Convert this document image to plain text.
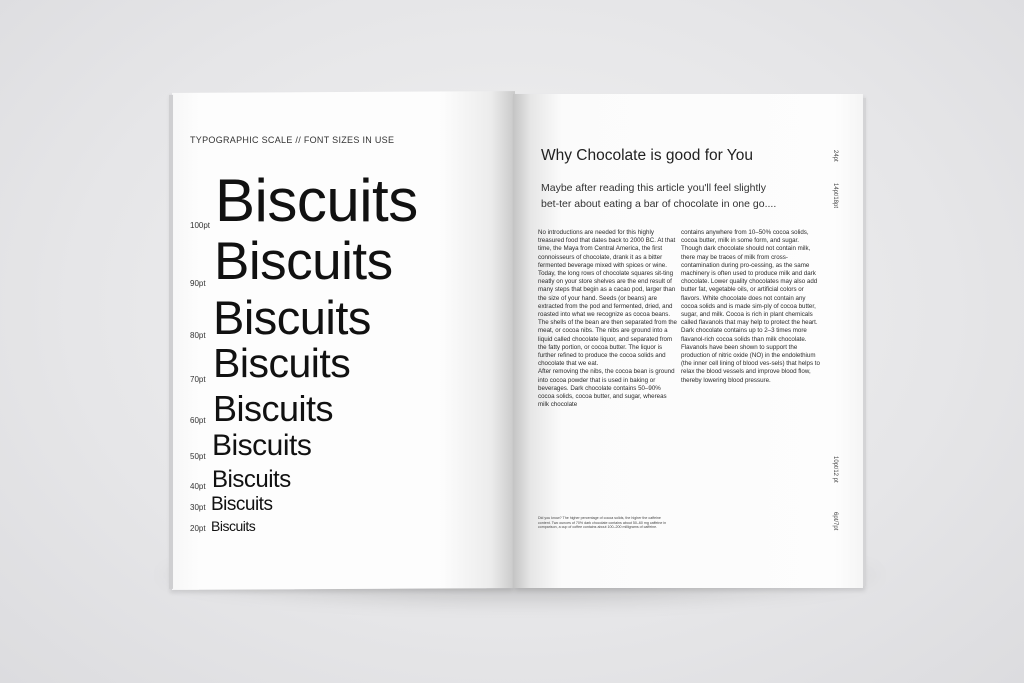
TYPOGRAPHIC SCALE // FONT SIZES IN USE
100pt Biscuits
90pt Biscuits
80pt Biscuits
70pt Biscuits
60pt Biscuits
50pt Biscuits
40pt Biscuits
30pt Biscuits
20pt Biscuits
Why Chocolate is good for You
Maybe after reading this article you'll feel slightly bet-ter about eating a bar of chocolate in one go....

No introductions are needed for this highly treasured food that dates back to 2000 BC. At that time, the Maya from Central America, the first connoisseurs of chocolate, drank it as a bitter fermented beverage mixed with spices or wine. Today, the long rows of chocolate squares sit-ting neatly on your store shelves are the end result of many steps that begin as a cacao pod, larger than the size of your hand. Seeds (or beans) are extracted from the pod and fermented, dried, and roasted into what we recognize as cocoa beans. The shells of the bean are then separated from the meat, or cocoa nibs. The nibs are ground into a liquid called chocolate liquor, and separated from the fatty portion, or cocoa butter. The liquor is further refined to produce the cocoa solids and chocolate that we eat.

After removing the nibs, the cocoa bean is ground into cocoa powder that is used in baking or beverages. Dark chocolate contains 50–90% cocoa solids, cocoa butter, and sugar, whereas milk chocolate

contains anywhere from 10–50% cocoa solids, cocoa butter, milk in some form, and sugar. Though dark chocolate should not contain milk, there may be traces of milk from cross-contamination during pro-cessing, as the same machinery is often used to produce milk and dark chocolate. Lower quality chocolates may also add butter fat, vegetable oils, or artificial colors or flavors. White chocolate does not contain any cocoa solids and is made sim-ply of cocoa butter, sugar, and milk. Cocoa is rich in plant chemicals called flavanols that may help to protect the heart. Dark chocolate contains up to 2–3 times more flavanol-rich cocoa solids than milk chocolate. Flavanols have been shown to support the production of nitric oxide (NO) in the endolethium (the inner cell lining of blood ves-sels) that helps to relax the blood vessels and improve blood flow, thereby lowering blood pressure.

Did you know? The higher percentage of cocoa solids, the higher the caffeine content. Two ounces of 70% dark chocolate contains about 50–60 mg caffeine in comparison, a cup of coffee contains about 100–200 milligrams of caffeine.
24pt
14pt/18pt
10pt/12 pt
6pt/7pt
